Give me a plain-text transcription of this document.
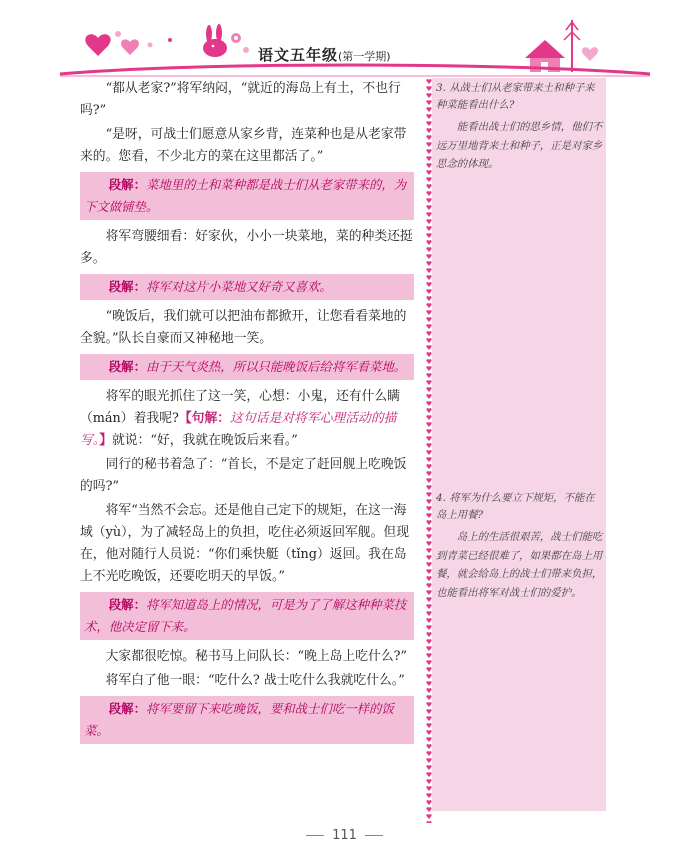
语文五年级(第一学期)

“都从老家?”将军纳闷，“就近的海岛上有土，不也行吗?”

“是呀，可战士们愿意从家乡背，连菜种也是从老家带来的。您看，不少北方的菜在这里都活了。”

段解：菜地里的土和菜种都是战士们从老家带来的，为下文做铺垫。

将军弯腰细看：好家伙，小小一块菜地，菜的种类还挺多。

段解：将军对这片小菜地又好奇又喜欢。

“晚饭后，我们就可以把油布都掀开，让您看看菜地的全貌。”队长自豪而又神秘地一笑。

段解：由于天气炎热，所以只能晚饭后给将军看菜地。

将军的眼光抓住了这一笑，心想：小鬼，还有什么瞒（mán）着我呢?【句解：这句话是对将军心理活动的描写。】就说：“好，我就在晚饭后来看。”

同行的秘书着急了：“首长，不是定了赶回舰上吃晚饭的吗?”

将军“当然不会忘。还是他自己定下的规矩，在这一海域（yù），为了减轻岛上的负担，吃住必须返回军舰。但现在，他对随行人员说：“你们乘快艇（tǐng）返回。我在岛上不光吃晚饭，还要吃明天的早饭。”

段解：将军知道岛上的情况，可是为了了解这种种菜技术，他决定留下来。

大家都很吃惊。秘书马上问队长：“晚上岛上吃什么?”

将军白了他一眼：“吃什么? 战士吃什么我就吃什么。”

段解：将军要留下来吃晚饭，要和战士们吃一样的饭菜。
3. 从战士们从老家带来土和种子来种菜能看出什么?
能看出战士们的思乡情，他们不远万里地背来土和种子，正是对家乡思念的体现。
4. 将军为什么要立下规矩，不能在岛上用餐?
岛上的生活很艰苦，战士们能吃到青菜已经很难了，如果都在岛上用餐，就会给岛上的战士们带来负担，也能看出将军对战士们的爱护。
111
